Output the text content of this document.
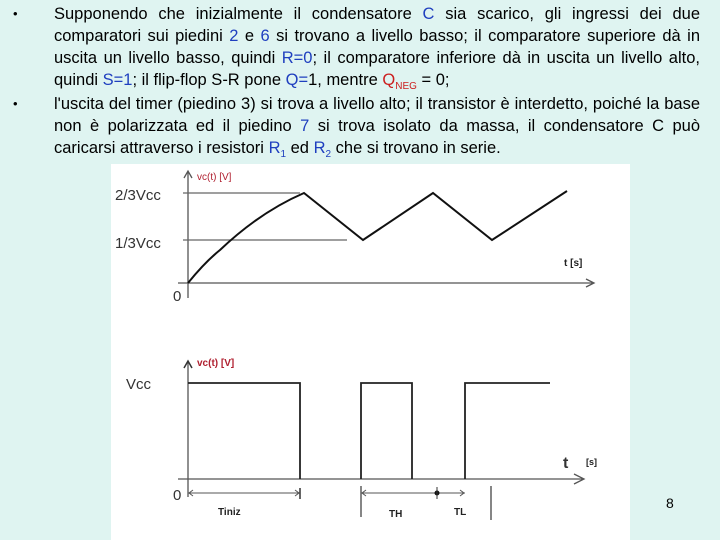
• Supponendo che inizialmente il condensatore C sia scarico, gli ingressi dei due comparatori sui piedini 2 e 6 si trovano a livello basso; il comparatore superiore dà in uscita un livello basso, quindi R=0; il comparatore inferiore dà in uscita un livello alto, quindi S=1; il flip-flop S-R pone Q=1, mentre $Q_{NEG} = 0$;
• l'uscita del timer (piedino 3) si trova a livello alto; il transistor è interdetto, poiché la base non è polarizzata ed il piedino 7 si trova isolato da massa, il condensatore C può caricarsi attraverso i resistori $R_1$ ed $R_2$ che si trovano in serie.
2/3Vcc
1/3Vcc
0
vc(t) [V]
t [s]
Vcc
0
vc(t) [V]
t [s]
Tiniz	TH	TL
8
